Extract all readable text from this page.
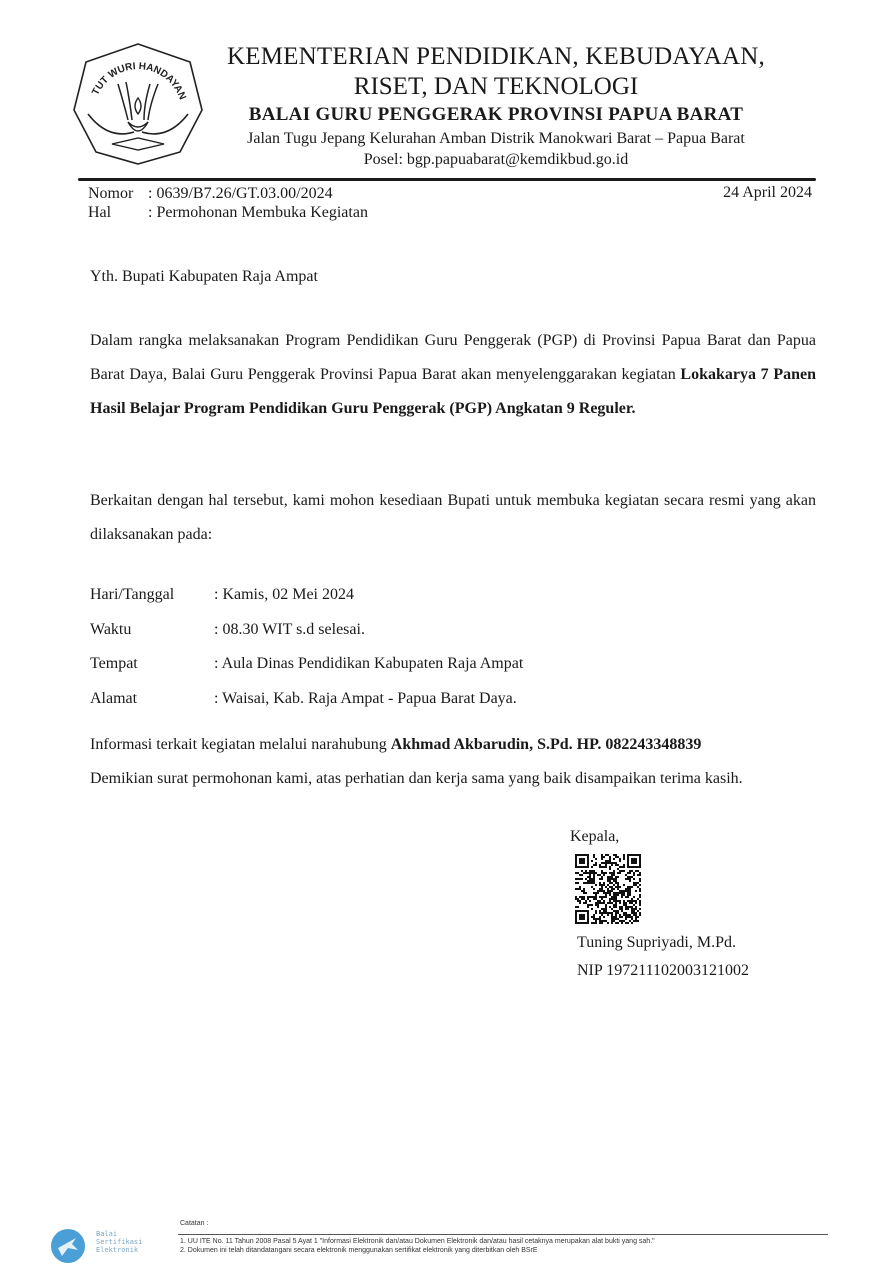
TUT WURI HANDAYAN
KEMENTERIAN PENDIDIKAN, KEBUDAYAAN,
RISET, DAN TEKNOLOGI
BALAI GURU PENGGERAK PROVINSI PAPUA BARAT
Jalan Tugu Jepang Kelurahan Amban Distrik Manokwari Barat – Papua Barat
Posel: bgp.papuabarat@kemdikbud.go.id
Nomor : 0639/B7.26/GT.03.00/2024
Hal	: Permohonan Membuka Kegiatan
24 April 2024
Yth. Bupati Kabupaten Raja Ampat
Dalam rangka melaksanakan Program Pendidikan Guru Penggerak (PGP) di Provinsi Papua Barat dan Papua Barat Daya, Balai Guru Penggerak Provinsi Papua Barat akan menyelenggarakan kegiatan Lokakarya 7 Panen Hasil Belajar Program Pendidikan Guru Penggerak (PGP) Angkatan 9 Reguler.
Berkaitan dengan hal tersebut, kami mohon kesediaan Bupati untuk membuka kegiatan secara resmi yang akan dilaksanakan pada:
Hari/Tanggal	: Kamis, 02 Mei 2024
Waktu	: 08.30 WIT s.d selesai.
Tempat	: Aula Dinas Pendidikan Kabupaten Raja Ampat
Alamat	: Waisai, Kab. Raja Ampat - Papua Barat Daya.
Informasi terkait kegiatan melalui narahubung Akhmad Akbarudin, S.Pd. HP. 082243348839
Demikian surat permohonan kami, atas perhatian dan kerja sama yang baik disampaikan terima kasih.
Kepala,
Tuning Supriyadi, M.Pd.
NIP 197211102003121002
Balai
Sertifikasi
Elektronik
Catatan :
1. UU ITE No. 11 Tahun 2008 Pasal 5 Ayat 1 "Informasi Elektronik dan/atau Dokumen Elektronik dan/atau hasil cetaknya merupakan alat bukti yang sah."
2. Dokumen ini telah ditandatangani secara elektronik menggunakan sertifikat elektronik yang diterbitkan oleh BSrE
